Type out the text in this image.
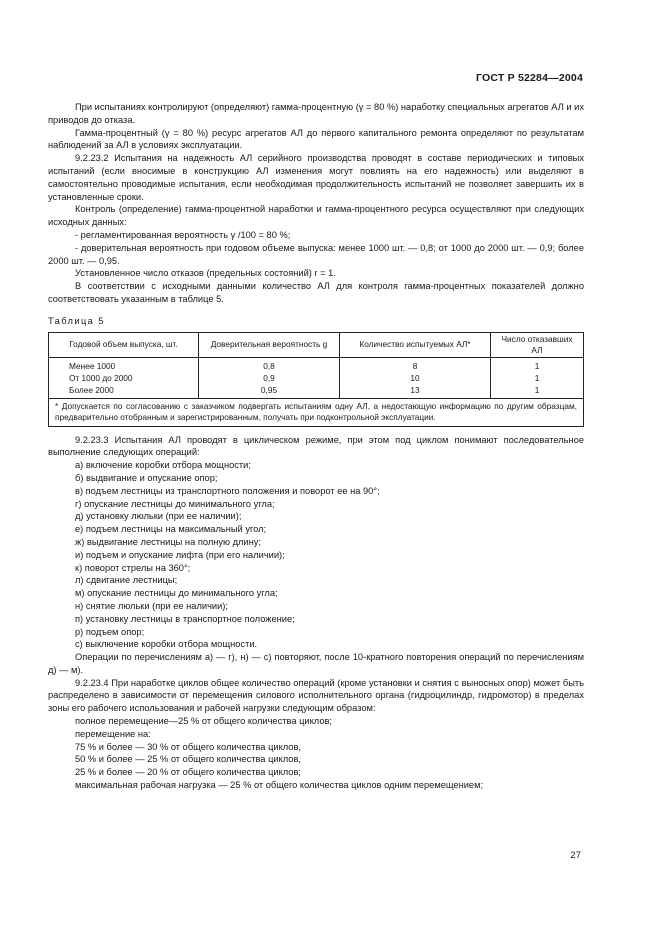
ГОСТ Р 52284—2004

При испытаниях контролируют (определяют) гамма-процентную (γ = 80 %) наработку специальных агрегатов АЛ и их приводов до отказа.

Гамма-процентный (γ = 80 %) ресурс агрегатов АЛ до первого капитального ремонта определяют по результатам наблюдений за АЛ в условиях эксплуатации.

9.2.23.2 Испытания на надежность АЛ серийного производства проводят в составе периодических и типовых испытаний (если вносимые в конструкцию АЛ изменения могут повлиять на его надежность) или выделяют в самостоятельно проводимые испытания, если необходимая продолжительность испытаний не позволяет завершить их в установленные сроки.

Контроль (определение) гамма-процентной наработки и гамма-процентного ресурса осуществляют при следующих исходных данных:

- регламентированная вероятность γ /100 = 80 %;

- доверительная вероятность при годовом объеме выпуска: менее 1000 шт. — 0,8; от 1000 до 2000 шт. — 0,9; более 2000 шт. — 0,95.

Установленное число отказов (предельных состояний) r = 1.

В соответствии с исходными данными количество АЛ для контроля гамма-процентных показателей должно соответствовать указанным в таблице 5.

Таблица 5
Годовой объем выпуска, шт.	Доверительная вероятность g	Количество испытуемых АЛ*	Число отказавших АЛ
Менее 1000	0,8	8	1
От 1000 до 2000	0,9	10	1
Более 2000	0,95	13	1
* Допускается по согласованию с заказчиком подвергать испытаниям одну АЛ, а недостающую информацию по другим образцам, предварительно отобранным и зарегистрированным, получать при подконтрольной эксплуатации.			

9.2.23.3 Испытания АЛ проводят в циклическом режиме, при этом под циклом понимают последовательное выполнение следующих операций:

а) включение коробки отбора мощности;

б) выдвигание и опускание опор;

в) подъем лестницы из транспортного положения и поворот ее на 90°;

г) опускание лестницы до минимального угла;

д) установку люльки (при ее наличии);

е) подъем лестницы на максимальный угол;

ж) выдвигание лестницы на полную длину;

и) подъем и опускание лифта (при его наличии);

к) поворот стрелы на 360°;

л) сдвигание лестницы;

м) опускание лестницы до минимального угла;

н) снятие люльки (при ее наличии);

п) установку лестницы в транспортное положение;

р) подъем опор;

с) выключение коробки отбора мощности.

Операции по перечислениям а) — г), н) — с) повторяют, после 10-кратного повторения операций по перечислениям д) — м).

9.2.23.4 При наработке циклов общее количество операций (кроме установки и снятия с выносных опор) может быть распределено в зависимости от перемещения силового исполнительного органа (гидроцилиндр, гидромотор) в пределах зоны его рабочего использования и рабочей нагрузки следующим образом:

полное перемещение—25 % от общего количества циклов;

перемещение на:

75 % и более — 30 % от общего количества циклов,

50 % и более — 25 % от общего количества циклов,

25 % и более — 20 % от общего количества циклов;

максимальная рабочая нагрузка — 25 % от общего количества циклов одним перемещением;

27
